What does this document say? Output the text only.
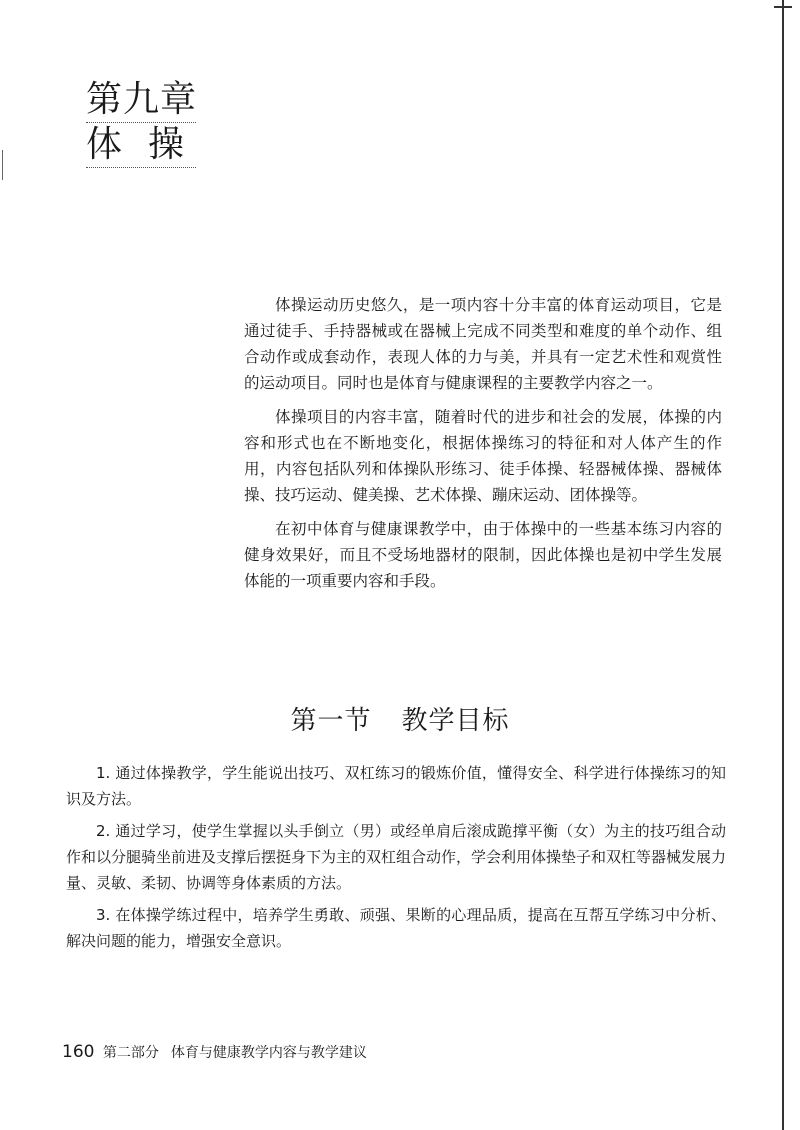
第九章
体操

体操运动历史悠久，是一项内容十分丰富的体育运动项目，它是通过徒手、手持器械或在器械上完成不同类型和难度的单个动作、组合动作或成套动作，表现人体的力与美，并具有一定艺术性和观赏性的运动项目。同时也是体育与健康课程的主要教学内容之一。

体操项目的内容丰富，随着时代的进步和社会的发展，体操的内容和形式也在不断地变化，根据体操练习的特征和对人体产生的作用，内容包括队列和体操队形练习、徒手体操、轻器械体操、器械体操、技巧运动、健美操、艺术体操、蹦床运动、团体操等。

在初中体育与健康课教学中，由于体操中的一些基本练习内容的健身效果好，而且不受场地器材的限制，因此体操也是初中学生发展体能的一项重要内容和手段。

第一节 教学目标

1. 通过体操教学，学生能说出技巧、双杠练习的锻炼价值，懂得安全、科学进行体操练习的知识及方法。

2. 通过学习，使学生掌握以头手倒立（男）或经单肩后滚成跪撑平衡（女）为主的技巧组合动作和以分腿骑坐前进及支撑后摆挺身下为主的双杠组合动作，学会利用体操垫子和双杠等器械发展力量、灵敏、柔韧、协调等身体素质的方法。

3. 在体操学练过程中，培养学生勇敢、顽强、果断的心理品质，提高在互帮互学练习中分析、解决问题的能力，增强安全意识。

160 第二部分 体育与健康教学内容与教学建议
